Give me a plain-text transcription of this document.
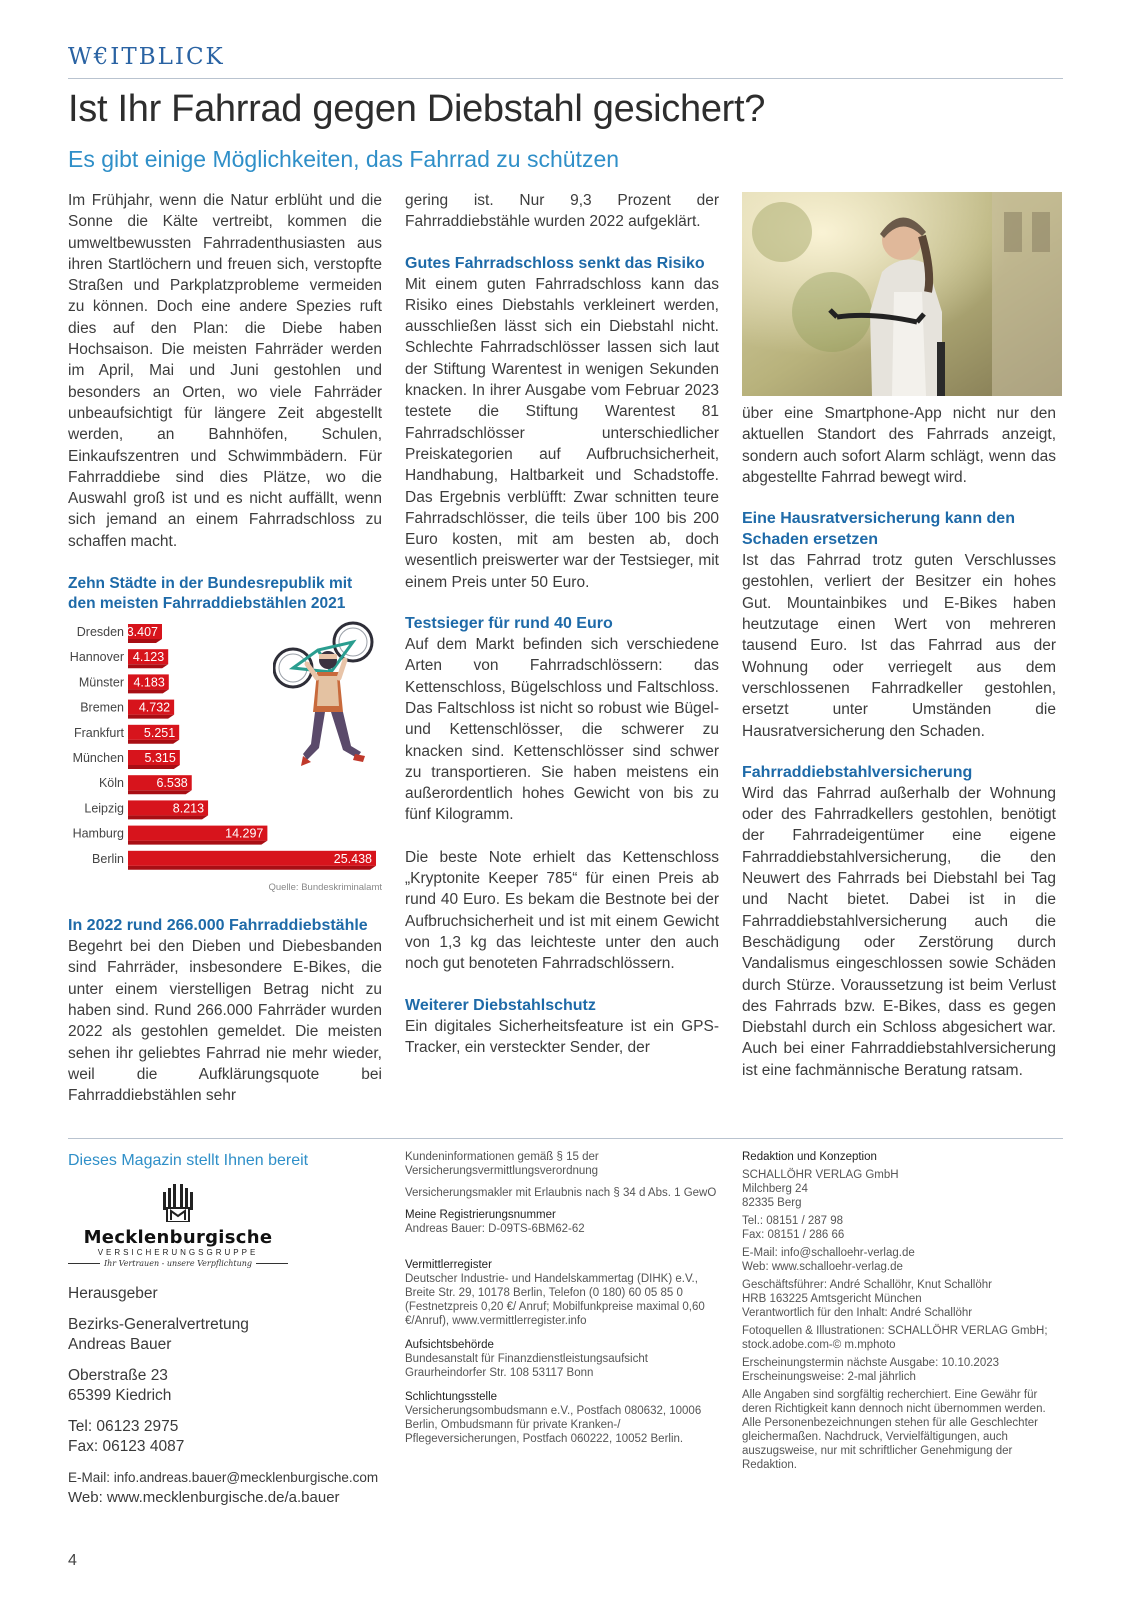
W€ITBLICK
Ist Ihr Fahrrad gegen Diebstahl gesichert?
Es gibt einige Möglichkeiten, das Fahrrad zu schützen

Im Frühjahr, wenn die Natur erblüht und die Sonne die Kälte vertreibt, kommen die umweltbewussten Fahrradenthusiasten aus ihren Startlöchern und freuen sich, verstopfte Straßen und Parkplatzprobleme vermeiden zu können. Doch eine andere Spezies ruft dies auf den Plan: die Diebe haben Hochsaison. Die meisten Fahrräder werden im April, Mai und Juni gestohlen und besonders an Orten, wo viele Fahrräder unbeaufsichtigt für längere Zeit abgestellt werden, an Bahnhöfen, Schulen, Einkaufszentren und Schwimmbädern. Für Fahrraddiebe sind dies Plätze, wo die Auswahl groß ist und es nicht auffällt, wenn sich jemand an einem Fahrradschloss zu schaffen macht.

Zehn Städte in der Bundesrepublik mit den meisten Fahrraddiebstählen 2021
Dresden 3.407
Hannover 4.123
Münster 4.183
Bremen 4.732
Frankfurt 5.251
München 5.315
Köln	6.538
Leipzig	8.213
Hamburg	14.297
Berlin	25.438
Quelle: Bundeskriminalamt
In 2022 rund 266.000 Fahrraddiebstähle

Begehrt bei den Dieben und Diebesbanden sind Fahrräder, insbesondere E-Bikes, die unter einem vierstelligen Betrag nicht zu haben sind. Rund 266.000 Fahrräder wurden 2022 als gestohlen gemeldet. Die meisten sehen ihr geliebtes Fahrrad nie mehr wieder, weil die Aufklärungsquote bei Fahrraddiebstählen sehr

gering ist. Nur 9,3 Prozent der Fahrraddiebstähle wurden 2022 aufgeklärt.

Gutes Fahrradschloss senkt das Risiko

Mit einem guten Fahrradschloss kann das Risiko eines Diebstahls verkleinert werden, ausschließen lässt sich ein Diebstahl nicht. Schlechte Fahrradschlösser lassen sich laut der Stiftung Warentest in wenigen Sekunden knacken. In ihrer Ausgabe vom Februar 2023 testete die Stiftung Warentest 81 Fahrradschlösser unterschiedlicher Preiskategorien auf Aufbruchsicherheit, Handhabung, Haltbarkeit und Schadstoffe. Das Ergebnis verblüfft: Zwar schnitten teure Fahrradschlösser, die teils über 100 bis 200 Euro kosten, mit am besten ab, doch wesentlich preiswerter war der Testsieger, mit einem Preis unter 50 Euro.

Testsieger für rund 40 Euro

Auf dem Markt befinden sich verschiedene Arten von Fahrradschlössern: das Kettenschloss, Bügelschloss und Faltschloss. Das Faltschloss ist nicht so robust wie Bügel- und Kettenschlösser, die schwerer zu knacken sind. Kettenschlösser sind schwer zu transportieren. Sie haben meistens ein außerordentlich hohes Gewicht von bis zu fünf Kilogramm.

Die beste Note erhielt das Kettenschloss „Kryptonite Keeper 785“ für einen Preis ab rund 40 Euro. Es bekam die Bestnote bei der Aufbruchsicherheit und ist mit einem Gewicht von 1,3 kg das leichteste unter den auch noch gut benoteten Fahrradschlössern.

Weiterer Diebstahlschutz

Ein digitales Sicherheitsfeature ist ein GPS-Tracker, ein versteckter Sender, der

über eine Smartphone-App nicht nur den aktuellen Standort des Fahrrads anzeigt, sondern auch sofort Alarm schlägt, wenn das abgestellte Fahrrad bewegt wird.

Eine Hausratversicherung kann den Schaden ersetzen

Ist das Fahrrad trotz guten Verschlusses gestohlen, verliert der Besitzer ein hohes Gut. Mountainbikes und E-Bikes haben heutzutage einen Wert von mehreren tausend Euro. Ist das Fahrrad aus der Wohnung oder verriegelt aus dem verschlossenen Fahrradkeller gestohlen, ersetzt unter Umständen die Hausratversicherung den Schaden.

Fahrraddiebstahlversicherung

Wird das Fahrrad außerhalb der Wohnung oder des Fahrradkellers gestohlen, benötigt der Fahrradeigentümer eine eigene Fahrraddiebstahlversicherung, die den Neuwert des Fahrrads bei Diebstahl bei Tag und Nacht bietet. Dabei ist in die Fahrraddiebstahlversicherung auch die Beschädigung oder Zerstörung durch Vandalismus eingeschlossen sowie Schäden durch Stürze. Voraussetzung ist beim Verlust des Fahrrads bzw. E-Bikes, dass es gegen Diebstahl durch ein Schloss abgesichert war. Auch bei einer Fahrraddiebstahlversicherung ist eine fachmännische Beratung ratsam.

Dieses Magazin stellt Ihnen bereit

Mecklenburgische
VERSICHERUNGSGRUPPE
Ihr Vertrauen - unsere Verpflichtung

Herausgeber

Bezirks-Generalvertretung

Andreas Bauer

Oberstraße 23

65399 Kiedrich

Tel: 06123 2975

Fax: 06123 4087

E-Mail: info.andreas.bauer@mecklenburgische.com

Web: www.mecklenburgische.de/a.bauer

Kundeninformationen gemäß § 15 der Versicherungsvermittlungsverordnung

Versicherungsmakler mit Erlaubnis nach § 34 d Abs. 1 GewO

Meine Registrierungsnummer

Andreas Bauer: D-09TS-6BM62-62

Vermittlerregister

Deutscher Industrie- und Handelskammertag (DIHK) e.V., Breite Str. 29, 10178 Berlin, Telefon (0 180) 60 05 85 0 (Festnetzpreis 0,20 €/ Anruf; Mobilfunkpreise maximal 0,60 €/Anruf), www.vermittlerregister.info

Aufsichtsbehörde

Bundesanstalt für Finanzdienstleistungsaufsicht Graurheindorfer Str. 108 53117 Bonn

Schlichtungsstelle

Versicherungsombudsmann e.V., Postfach 080632, 10006 Berlin, Ombudsmann für private Kranken-/ Pflegeversicherungen, Postfach 060222, 10052 Berlin.

Redaktion und Konzeption

SCHALLÖHR VERLAG GmbH

Milchberg 24

82335 Berg

Tel.: 08151 / 287 98

Fax: 08151 / 286 66

E-Mail: info@schalloehr-verlag.de

Web: www.schalloehr-verlag.de

Geschäftsführer: André Schallöhr, Knut Schallöhr

HRB 163225 Amtsgericht München

Verantwortlich für den Inhalt: André Schallöhr

Fotoquellen & Illustrationen: SCHALLÖHR VERLAG GmbH; stock.adobe.com-© m.mphoto

Erscheinungstermin nächste Ausgabe: 10.10.2023

Erscheinungsweise: 2-mal jährlich

Alle Angaben sind sorgfältig recherchiert. Eine Gewähr für deren Richtigkeit kann dennoch nicht übernommen werden. Alle Personenbezeichnungen stehen für alle Geschlechter gleichermaßen. Nachdruck, Vervielfältigungen, auch auszugsweise, nur mit schriftlicher Genehmigung der Redaktion.

4
